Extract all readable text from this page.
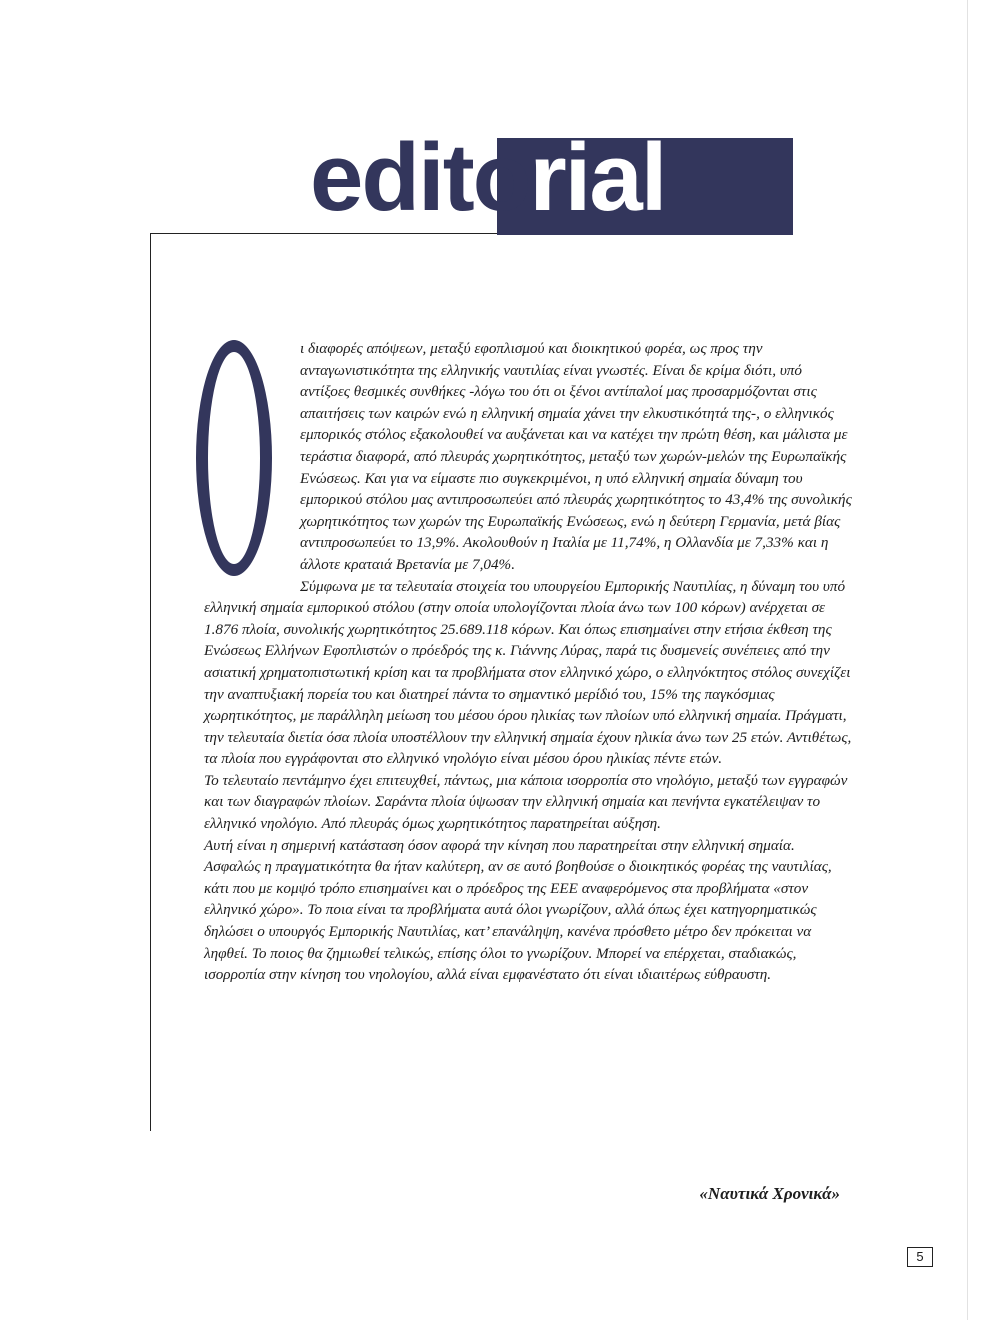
editorial

ι διαφορές απόψεων, μεταξύ εφοπλισμού και διοικητικού φορέα, ως προς την ανταγωνιστικότητα της ελληνικής ναυτιλίας είναι γνωστές. Είναι δε κρίμα διότι, υπό αντίξοες θεσμικές συνθήκες -λόγω του ότι οι ξένοι αντίπαλοί μας προσαρμόζονται στις απαιτήσεις των καιρών ενώ η ελληνική σημαία χάνει την ελκυστικότητά της-, ο ελληνικός εμπορικός στόλος εξακολουθεί να αυξάνεται και να κατέχει την πρώτη θέση, και μάλιστα με τεράστια διαφορά, από πλευράς χωρητικότητος, μεταξύ των χωρών-μελών της Ευρωπαϊκής Ενώσεως. Και για να είμαστε πιο συγκεκριμένοι, η υπό ελληνική σημαία δύναμη του εμπορικού στόλου μας αντιπροσωπεύει από πλευράς χωρητικότητος το 43,4% της συνολικής χωρητικότητος των χωρών της Ευρωπαϊκής Ενώσεως, ενώ η δεύτερη Γερμανία, μετά βίας αντιπροσωπεύει το 13,9%. Ακολουθούν η Ιταλία με 11,74%, η Ολλανδία με 7,33% και η άλλοτε κραταιά Βρετανία με 7,04%.

Σύμφωνα με τα τελευταία στοιχεία του υπουργείου Εμπορικής Ναυτιλίας, η δύναμη του υπό ελληνική σημαία εμπορικού στόλου (στην οποία υπολογίζονται πλοία άνω των 100 κόρων) ανέρχεται σε 1.876 πλοία, συνολικής χωρητικότητος 25.689.118 κόρων. Και όπως επισημαίνει στην ετήσια έκθεση της Ενώσεως Ελλήνων Εφοπλιστών ο πρόεδρός της κ. Γιάννης Λύρας, παρά τις δυσμενείς συνέπειες από την ασιατική χρηματοπιστωτική κρίση και τα προβλήματα στον ελληνικό χώρο, ο ελληνόκτητος στόλος συνεχίζει την αναπτυξιακή πορεία του και διατηρεί πάντα το σημαντικό μερίδιό του, 15% της παγκόσμιας χωρητικότητος, με παράλληλη μείωση του μέσου όρου ηλικίας των πλοίων υπό ελληνική σημαία. Πράγματι, την τελευταία διετία όσα πλοία υποστέλλουν την ελληνική σημαία έχουν ηλικία άνω των 25 ετών. Αντιθέτως, τα πλοία που εγγράφονται στο ελληνικό νηολόγιο είναι μέσου όρου ηλικίας πέντε ετών.

Το τελευταίο πεντάμηνο έχει επιτευχθεί, πάντως, μια κάποια ισορροπία στο νηολόγιο, μεταξύ των εγγραφών και των διαγραφών πλοίων. Σαράντα πλοία ύψωσαν την ελληνική σημαία και πενήντα εγκατέλειψαν το ελληνικό νηολόγιο. Από πλευράς όμως χωρητικότητος παρατηρείται αύξηση.

Αυτή είναι η σημερινή κατάσταση όσον αφορά την κίνηση που παρατηρείται στην ελληνική σημαία. Ασφαλώς η πραγματικότητα θα ήταν καλύτερη, αν σε αυτό βοηθούσε ο διοικητικός φορέας της ναυτιλίας, κάτι που με κομψό τρόπο επισημαίνει και ο πρόεδρος της ΕΕΕ αναφερόμενος στα προβλήματα «στον ελληνικό χώρο». Το ποια είναι τα προβλήματα αυτά όλοι γνωρίζουν, αλλά όπως έχει κατηγορηματικώς δηλώσει ο υπουργός Εμπορικής Ναυτιλίας, κατ’ επανάληψη, κανένα πρόσθετο μέτρο δεν πρόκειται να ληφθεί. Το ποιος θα ζημιωθεί τελικώς, επίσης όλοι το γνωρίζουν. Μπορεί να επέρχεται, σταδιακώς, ισορροπία στην κίνηση του νηολογίου, αλλά είναι εμφανέστατο ότι είναι ιδιαιτέρως εύθραυστη.

«Ναυτικά Χρονικά»
5
